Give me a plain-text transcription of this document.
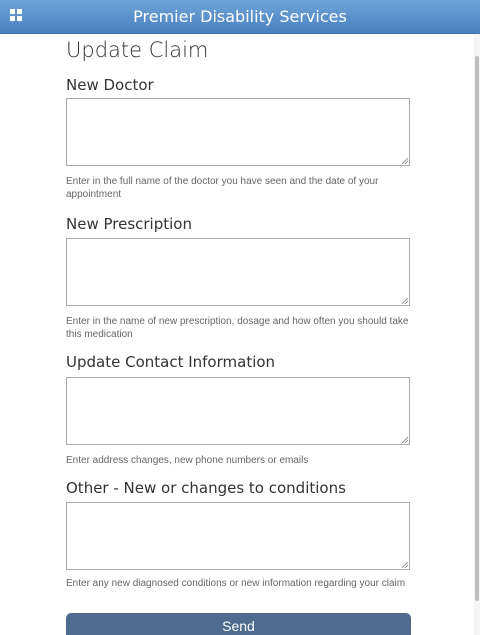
Premier Disability Services
Update Claim
New Doctor

Enter in the full name of the doctor you have seen and the date of your appointment

New Prescription

Enter in the name of new prescription, dosage and how often you should take this medication

Update Contact Information

Enter address changes, new phone numbers or emails

Other - New or changes to conditions

Enter any new diagnosed conditions or new information regarding your claim

Send
